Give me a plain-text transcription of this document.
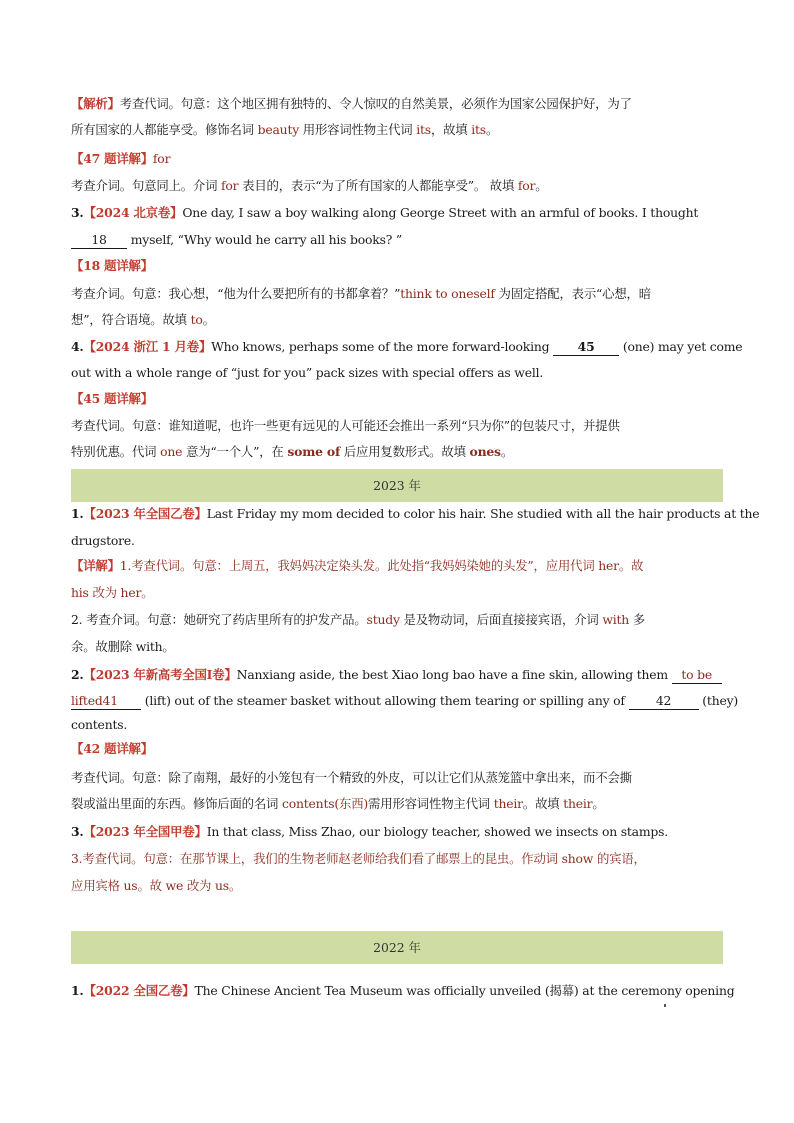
【解析】考查代词。句意：这个地区拥有独特的、令人惊叹的自然美景，必须作为国家公园保护好，为了
所有国家的人都能享受。修饰名词 beauty 用形容词性物主代词 its，故填 its。
【47 题详解】for
考查介词。句意同上。介词 for 表目的，表示“为了所有国家的人都能享受”。 故填 for。
3.【2024 北京卷】One day, I saw a boy walking along George Street with an armful of books. I thought
18 myself, “Why would he carry all his books? ”
【18 题详解】
考查介词。句意：我心想，“他为什么要把所有的书都拿着？”think to oneself 为固定搭配，表示“心想，暗
想”，符合语境。故填 to。
4.【2024 浙江 1 月卷】Who knows, perhaps some of the more forward-looking 45 (one) may yet come
out with a whole range of “just for you” pack sizes with special offers as well.
【45 题详解】
考查代词。句意：谁知道呢，也许一些更有远见的人可能还会推出一系列“只为你”的包装尺寸，并提供
特别优惠。代词 one 意为“一个人”，在 some of 后应用复数形式。故填 ones。
2023 年
1.【2023 年全国乙卷】Last Friday my mom decided to color his hair. She studied with all the hair products at the
drugstore.
【详解】1.考查代词。句意：上周五，我妈妈决定染头发。此处指“我妈妈染她的头发”，应用代词 her。故
his 改为 her。
2. 考查介词。句意：她研究了药店里所有的护发产品。study 是及物动词，后面直接接宾语，介词 with 多
余。故删除 with。
2.【2023 年新高考全国Ⅰ卷】Nanxiang aside, the best Xiao long bao have a fine skin, allowing them to be
lifted41 (lift) out of the steamer basket without allowing them tearing or spilling any of 42 (they)
contents.
【42 题详解】
考查代词。句意：除了南翔，最好的小笼包有一个精致的外皮，可以让它们从蒸笼篮中拿出来，而不会撕
裂或溢出里面的东西。修饰后面的名词 contents(东西)需用形容词性物主代词 their。故填 their。
3.【2023 年全国甲卷】In that class, Miss Zhao, our biology teacher, showed we insects on stamps.
3.考查代词。句意：在那节课上，我们的生物老师赵老师给我们看了邮票上的昆虫。作动词 show 的宾语，
应用宾格 us。故 we 改为 us。
2022 年
1.【2022 全国乙卷】The Chinese Ancient Tea Museum was officially unveiled (揭幕) at the ceremony opening
